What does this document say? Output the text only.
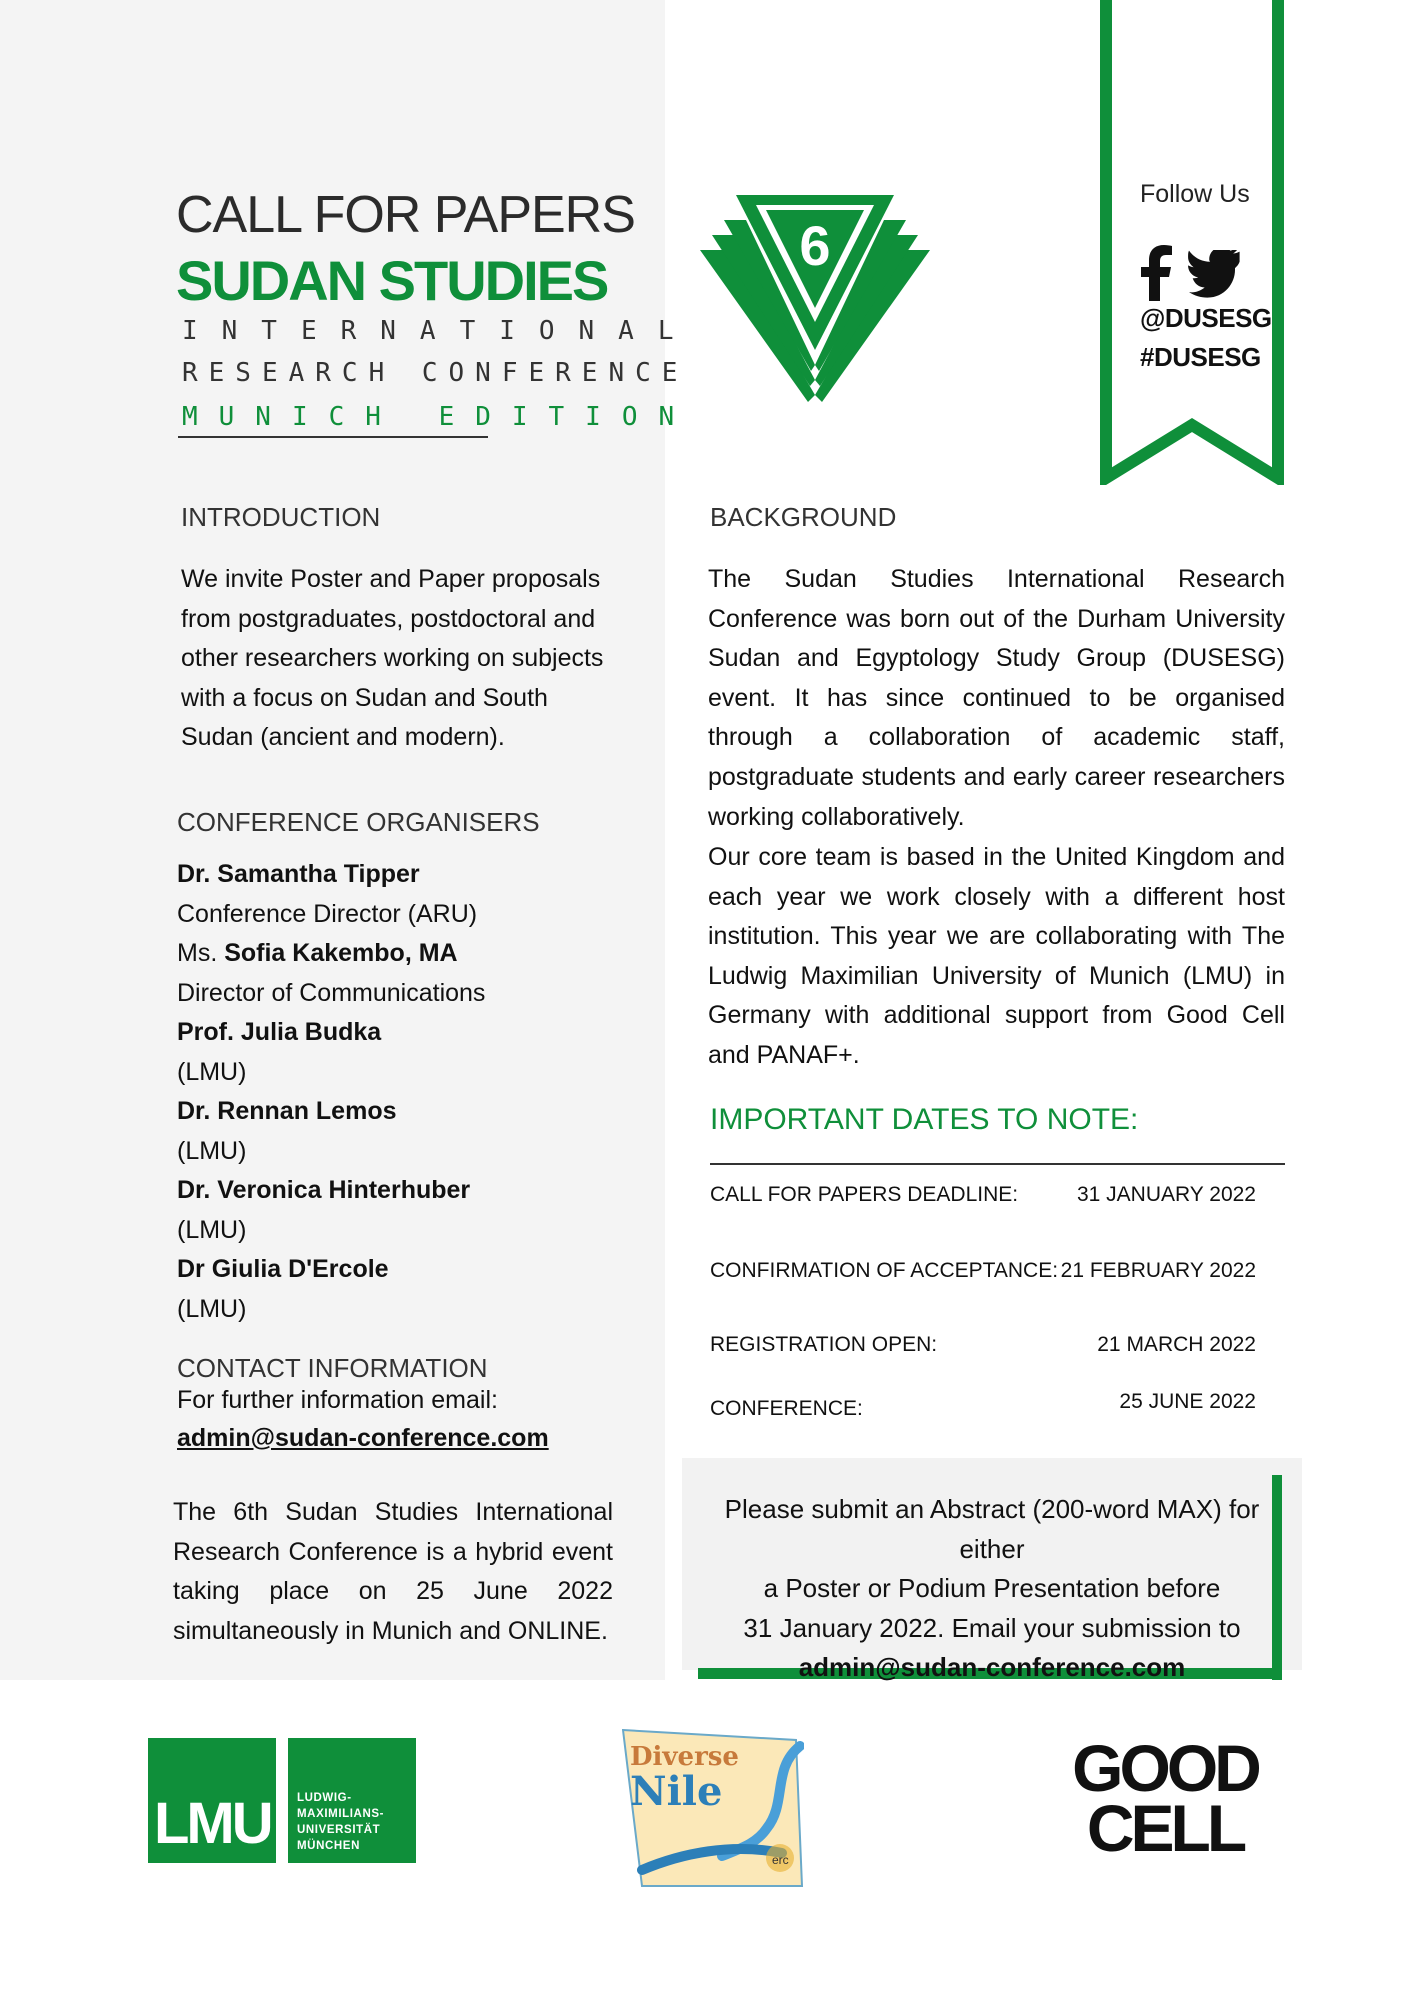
CALL FOR PAPERS
SUDAN STUDIES
INTERNATIONAL
RESEARCH CONFERENCE
MUNICH EDITION
6
Follow Us
@DUSESG
#DUSESG
INTRODUCTION
We invite Poster and Paper proposals from postgraduates, postdoctoral and other researchers working on subjects with a focus on Sudan and South Sudan (ancient and modern).
CONFERENCE ORGANISERS
Dr. Samantha Tipper
Conference Director (ARU)
Ms. Sofia Kakembo, MA
Director of Communications
Prof. Julia Budka
(LMU)
Dr. Rennan Lemos
(LMU)
Dr. Veronica Hinterhuber
(LMU)
Dr Giulia D'Ercole
(LMU)
CONTACT INFORMATION
For further information email:
admin@sudan-conference.com
The 6th Sudan Studies International Research Conference is a hybrid event taking place on 25 June 2022 simultaneously in Munich and ONLINE.
BACKGROUND
The Sudan Studies International Research Conference was born out of the Durham University Sudan and Egyptology Study Group (DUSESG) event. It has since continued to be organised through a collaboration of academic staff, postgraduate students and early career researchers working collaboratively.
Our core team is based in the United Kingdom and each year we work closely with a different host institution. This year we are collaborating with The Ludwig Maximilian University of Munich (LMU) in Germany with additional support from Good Cell and PANAF+.
IMPORTANT DATES TO NOTE:
CALL FOR PAPERS DEADLINE:	31 JANUARY 2022
CONFIRMATION OF ACCEPTANCE: 21 FEBRUARY 2022
REGISTRATION OPEN:	21 MARCH 2022
CONFERENCE:	25 JUNE 2022
Please submit an Abstract (200-word MAX) for either
a Poster or Podium Presentation before
31 January 2022. Email your submission to
admin@sudan-conference.com
LMU LUDWIG-
MAXIMILIANS-
UNIVERSITÄT
MÜNCHEN
Diverse
Nile
erc
GOOD
CELL
